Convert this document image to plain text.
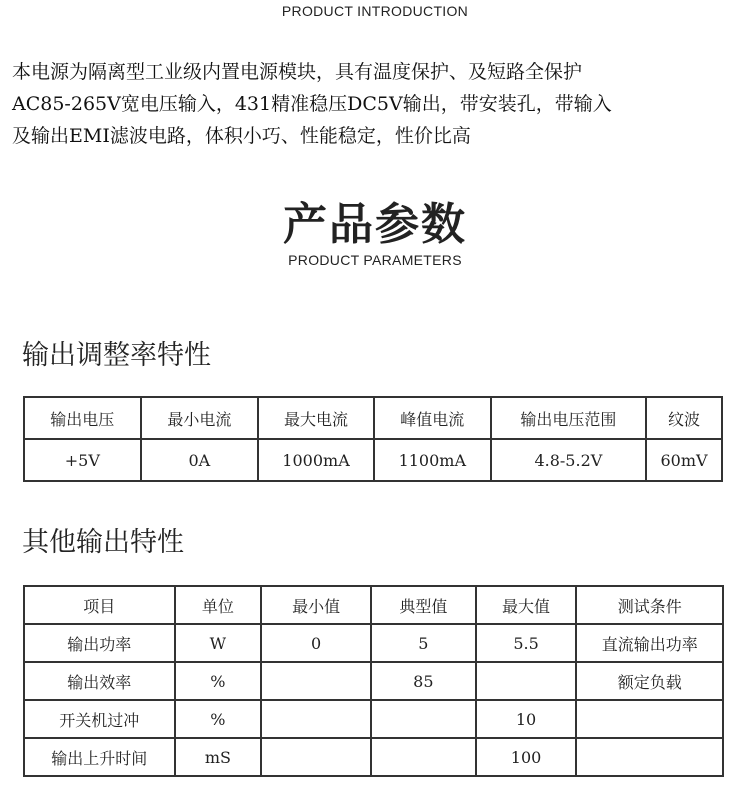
PRODUCT INTRODUCTION
本电源为隔离型工业级内置电源模块，具有温度保护、及短路全保护
AC85-265V宽电压输入，431精准稳压DC5V输出，带安装孔，带输入
及输出EMI滤波电路，体积小巧、性能稳定，性价比高
产品参数
PRODUCT PARAMETERS
输出调整率特性
输出电压	最小电流	最大电流	峰值电流	输出电压范围	纹波
+5V	0A	1000mA	1100mA	4.8-5.2V	60mV
其他输出特性
项目	单位	最小值	典型值	最大值	测试条件
输出功率	W	0	5	5.5	直流输出功率
输出效率	%		85		额定负载
开关机过冲	%			10	
输出上升时间	mS			100	
